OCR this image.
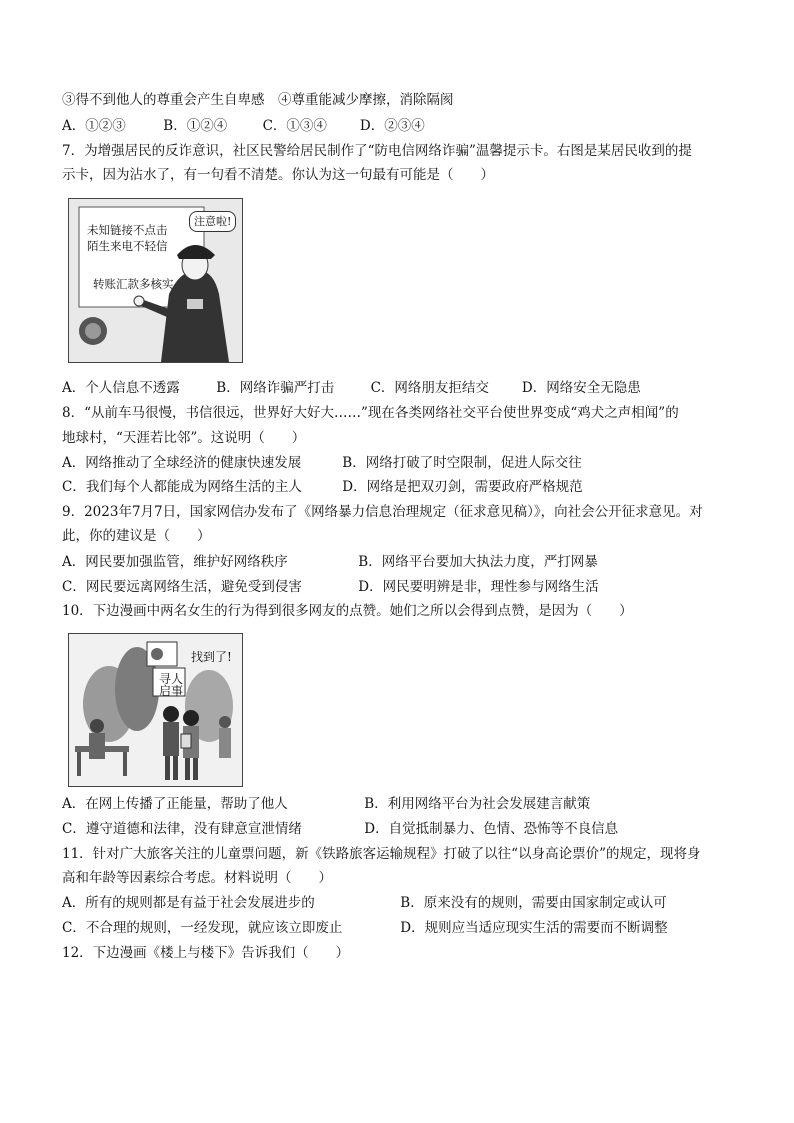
③得不到他人的尊重会产生自卑感　④尊重能减少摩擦，消除隔阂
A．①②③	B．①②④	C．①③④ D．②③④
7．为增强居民的反诈意识，社区民警给居民制作了“防电信网络诈骗”温馨提示卡。右图是某居民收到的提
示卡，因为沾水了，有一句看不清楚。你认为这一句最有可能是（　　）
未知链接不点击
陌生来电不轻信
转账汇款多核实
注意啦!
A．个人信息不透露	B．网络诈骗严打击	C．网络朋友拒结交 D．网络安全无隐患
8．“从前车马很慢，书信很远，世界好大好大……”现在各类网络社交平台使世界变成“鸡犬之声相闻”的
地球村，“天涯若比邻”。这说明（　　）
A．网络推动了全球经济的健康快速发展	B．网络打破了时空限制，促进人际交往
C．我们每个人都能成为网络生活的主人	D．网络是把双刃剑，需要政府严格规范
9．2023年7月7日，国家网信办发布了《网络暴力信息治理规定（征求意见稿）》，向社会公开征求意见。对
此，你的建议是（　　）
A．网民要加强监管，维护好网络秩序	B．网络平台要加大执法力度，严打网暴
C．网民要远离网络生活，避免受到侵害	D．网民要明辨是非，理性参与网络生活
10．下边漫画中两名女生的行为得到很多网友的点赞。她们之所以会得到点赞，是因为（　　）
找到了!
寻人
启事
A．在网上传播了正能量，帮助了他人	B．利用网络平台为社会发展建言献策
C．遵守道德和法律，没有肆意宣泄情绪	D．自觉抵制暴力、色情、恐怖等不良信息
11．针对广大旅客关注的儿童票问题，新《铁路旅客运输规程》打破了以往“以身高论票价”的规定，现将身
高和年龄等因素综合考虑。材料说明（　　）
A．所有的规则都是有益于社会发展进步的	B．原来没有的规则，需要由国家制定或认可
C．不合理的规则，一经发现，就应该立即废止	D．规则应当适应现实生活的需要而不断调整
12．下边漫画《楼上与楼下》告诉我们（　　）
